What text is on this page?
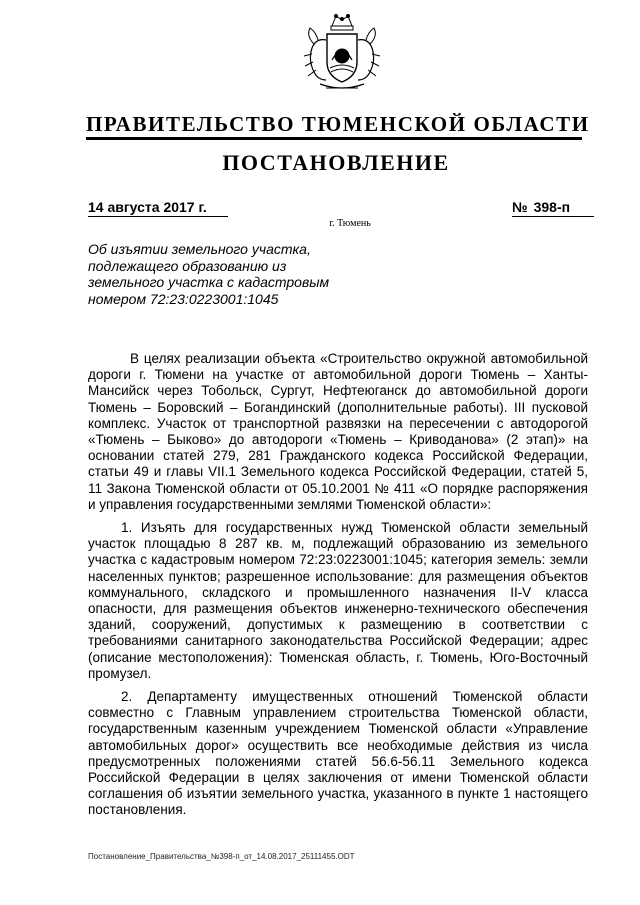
ПРАВИТЕЛЬСТВО ТЮМЕНСКОЙ ОБЛАСТИ
ПОСТАНОВЛЕНИЕ
14 августа 2017 г.	№ 398-п
г. Тюмень
Об изъятии земельного участка,
подлежащего образованию из
земельного участка с кадастровым
номером 72:23:0223001:1045

В целях реализации объекта «Строительство окружной автомобильной дороги г. Тюмени на участке от автомобильной дороги Тюмень – Ханты-Мансийск через Тобольск, Сургут, Нефтеюганск до автомобильной дороги Тюмень – Боровский – Богандинский (дополнительные работы). III пусковой комплекс. Участок от транспортной развязки на пересечении с автодорогой «Тюмень – Быково» до автодороги «Тюмень – Криводанова» (2 этап)» на основании статей 279, 281 Гражданского кодекса Российской Федерации, статьи 49 и главы VII.1 Земельного кодекса Российской Федерации, статей 5, 11 Закона Тюменской области от 05.10.2001 № 411 «О порядке распоряжения и управления государственными землями Тюменской области»:

1. Изъять для государственных нужд Тюменской области земельный участок площадью 8 287 кв. м, подлежащий образованию из земельного участка с кадастровым номером 72:23:0223001:1045; категория земель: земли населенных пунктов; разрешенное использование: для размещения объектов коммунального, складского и промышленного назначения II-V класса опасности, для размещения объектов инженерно-технического обеспечения зданий, сооружений, допустимых к размещению в соответствии с требованиями санитарного законодательства Российской Федерации; адрес (описание местоположения): Тюменская область, г. Тюмень, Юго-Восточный промузел.

2. Департаменту имущественных отношений Тюменской области совместно с Главным управлением строительства Тюменской области, государственным казенным учреждением Тюменской области «Управление автомобильных дорог» осуществить все необходимые действия из числа предусмотренных положениями статей 56.6-56.11 Земельного кодекса Российской Федерации в целях заключения от имени Тюменской области соглашения об изъятии земельного участка, указанного в пункте 1 настоящего постановления.

Постановление_Правительства_№398-п_от_14.08.2017_25111455.ODT
